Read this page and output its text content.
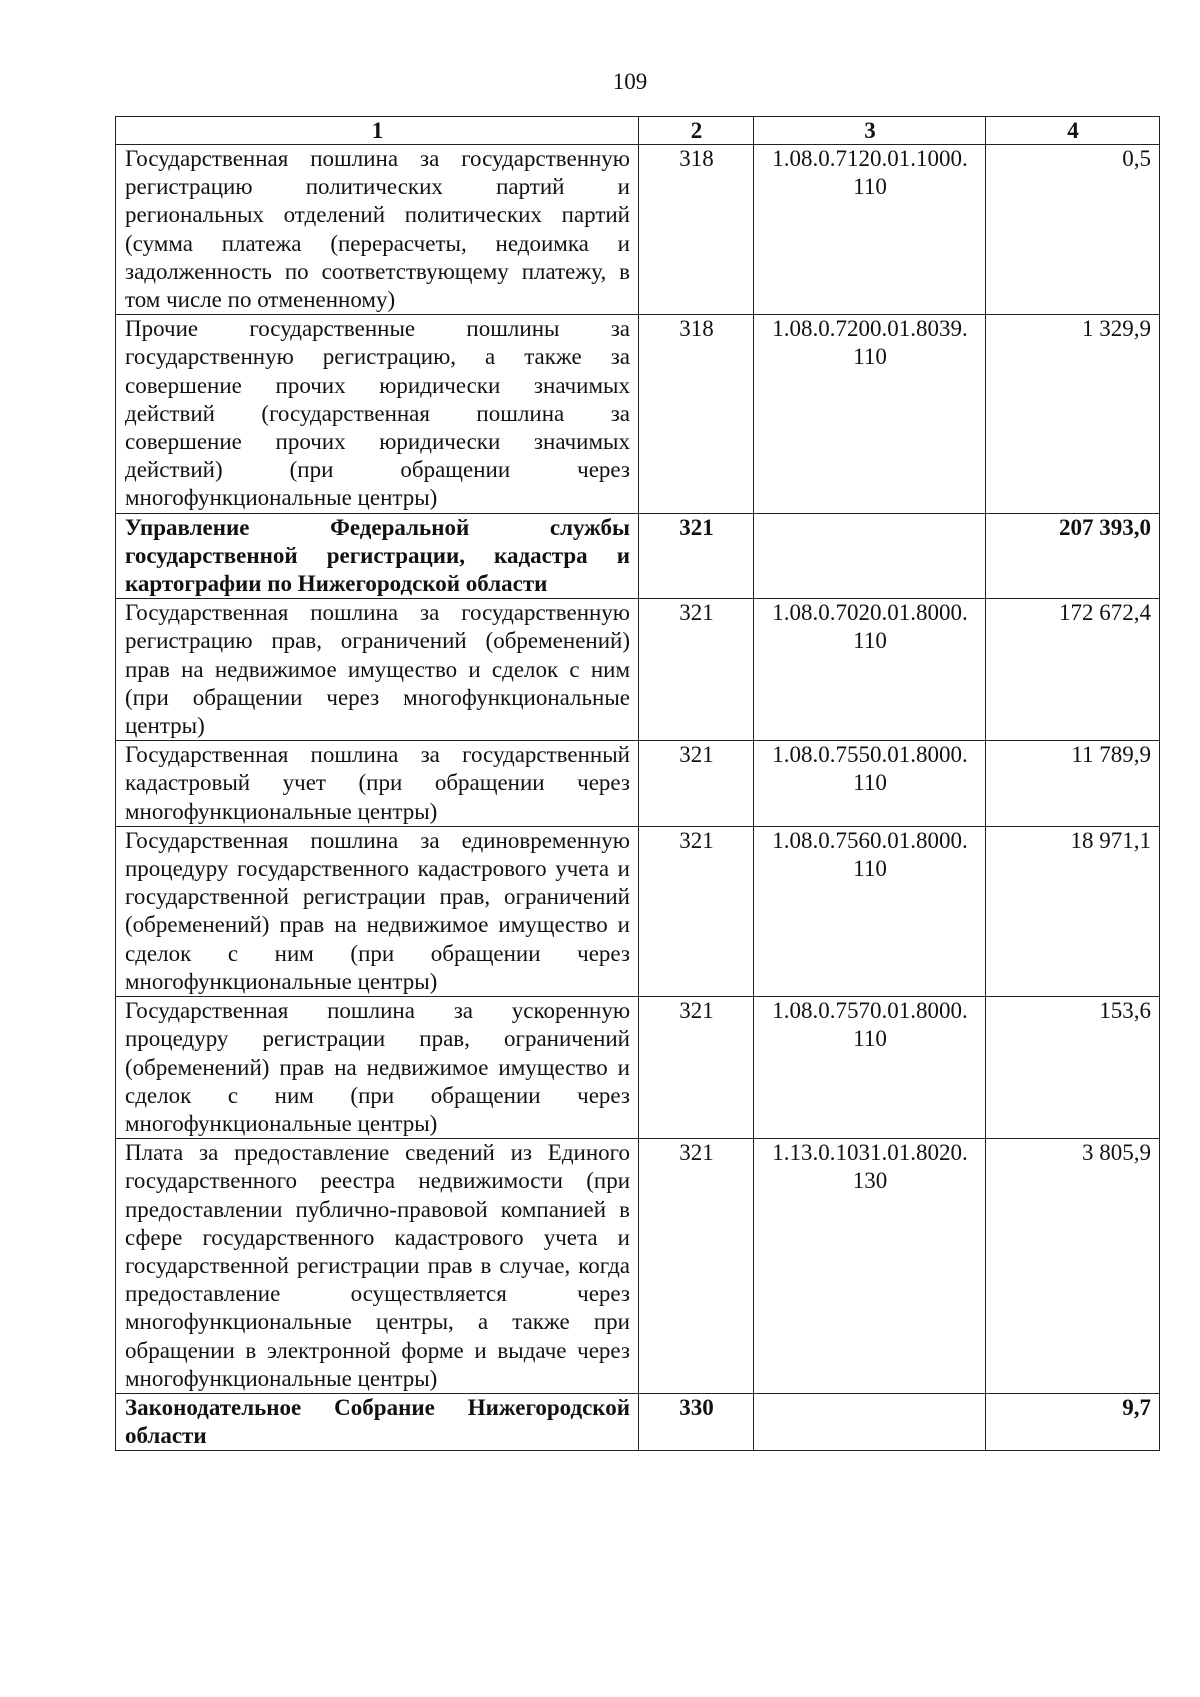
109
1	2	3	4
Государственная пошлина за государственную регистрацию политических партий и региональных отделений политических партий (сумма платежа (перерасчеты, недоимка и задолженность по соответствующему платежу, в том числе по отмененному)	318	1.08.0.7120.01.1000. 110	0,5
Прочие государственные пошлины за государственную регистрацию, а также за совершение прочих юридически значимых действий (государственная пошлина за совершение прочих юридически значимых действий) (при обращении через многофункциональные центры)	318	1.08.0.7200.01.8039. 110	1 329,9
Управление Федеральной службы государственной регистрации, кадастра и картографии по Нижегородской области	321		207 393,0
Государственная пошлина за государственную регистрацию прав, ограничений (обременений) прав на недвижимое имущество и сделок с ним (при обращении через многофункциональные центры)	321	1.08.0.7020.01.8000. 110	172 672,4
Государственная пошлина за государственный кадастровый учет (при обращении через многофункциональные центры)	321	1.08.0.7550.01.8000. 110	11 789,9
Государственная пошлина за единовременную процедуру государственного кадастрового учета и государственной регистрации прав, ограничений (обременений) прав на недвижимое имущество и сделок с ним (при обращении через многофункциональные центры)	321	1.08.0.7560.01.8000. 110	18 971,1
Государственная пошлина за ускоренную процедуру регистрации прав, ограничений (обременений) прав на недвижимое имущество и сделок с ним (при обращении через многофункциональные центры)	321	1.08.0.7570.01.8000. 110	153,6
Плата за предоставление сведений из Единого государственного реестра недвижимости (при предоставлении публично-правовой компанией в сфере государственного кадастрового учета и государственной регистрации прав в случае, когда предоставление осуществляется через многофункциональные центры, а также при обращении в электронной форме и выдаче через многофункциональные центры)	321	1.13.0.1031.01.8020. 130	3 805,9
Законодательное Собрание Нижегородской области	330		9,7
